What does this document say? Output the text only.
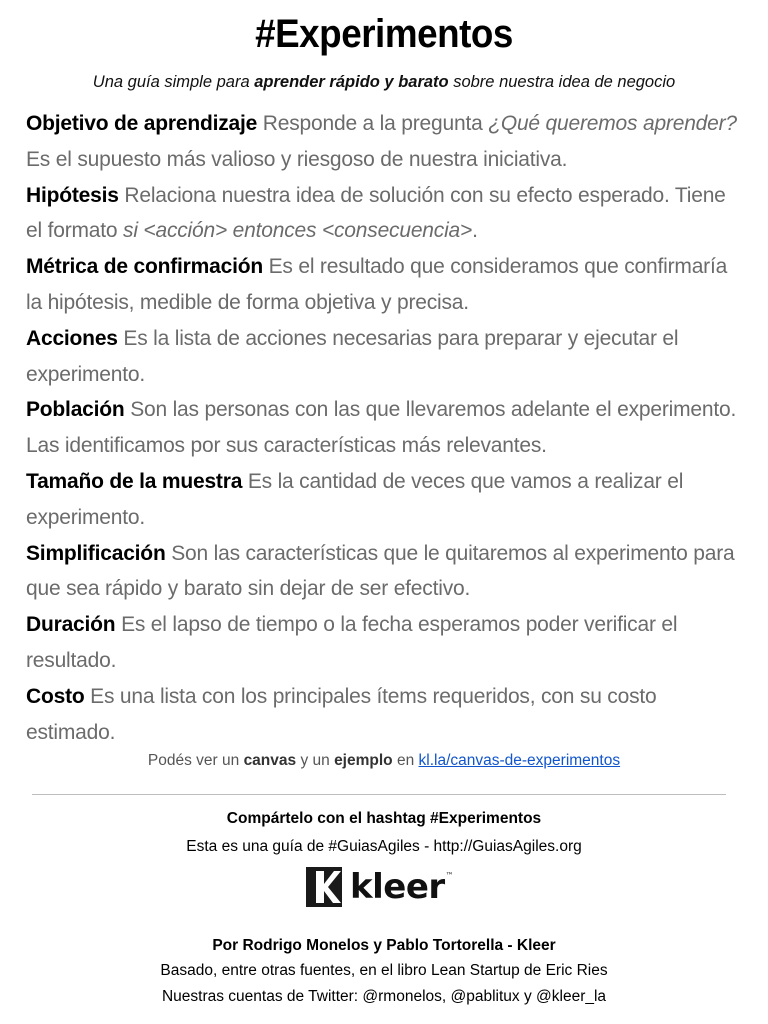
#Experimentos
Una guía simple para aprender rápido y barato sobre nuestra idea de negocio

Objetivo de aprendizaje Responde a la pregunta ¿Qué queremos aprender? Es el supuesto más valioso y riesgoso de nuestra iniciativa.

Hipótesis Relaciona nuestra idea de solución con su efecto esperado. Tiene el formato si <acción> entonces <consecuencia>.

Métrica de confirmación Es el resultado que consideramos que confirmaría la hipótesis, medible de forma objetiva y precisa.

Acciones Es la lista de acciones necesarias para preparar y ejecutar el experimento.

Población Son las personas con las que llevaremos adelante el experimento. Las identificamos por sus características más relevantes.

Tamaño de la muestra Es la cantidad de veces que vamos a realizar el experimento.

Simplificación Son las características que le quitaremos al experimento para que sea rápido y barato sin dejar de ser efectivo.

Duración Es el lapso de tiempo o la fecha esperamos poder verificar el resultado.

Costo Es una lista con los principales ítems requeridos, con su costo estimado.

Podés ver un canvas y un ejemplo en kl.la/canvas-de-experimentos
Compártelo con el hashtag #Experimentos
Esta es una guía de #GuiasAgiles - http://GuiasAgiles.org
kleer™
Por Rodrigo Monelos y Pablo Tortorella - Kleer
Basado, entre otras fuentes, en el libro Lean Startup de Eric Ries
Nuestras cuentas de Twitter: @rmonelos, @pablitux y @kleer_la
